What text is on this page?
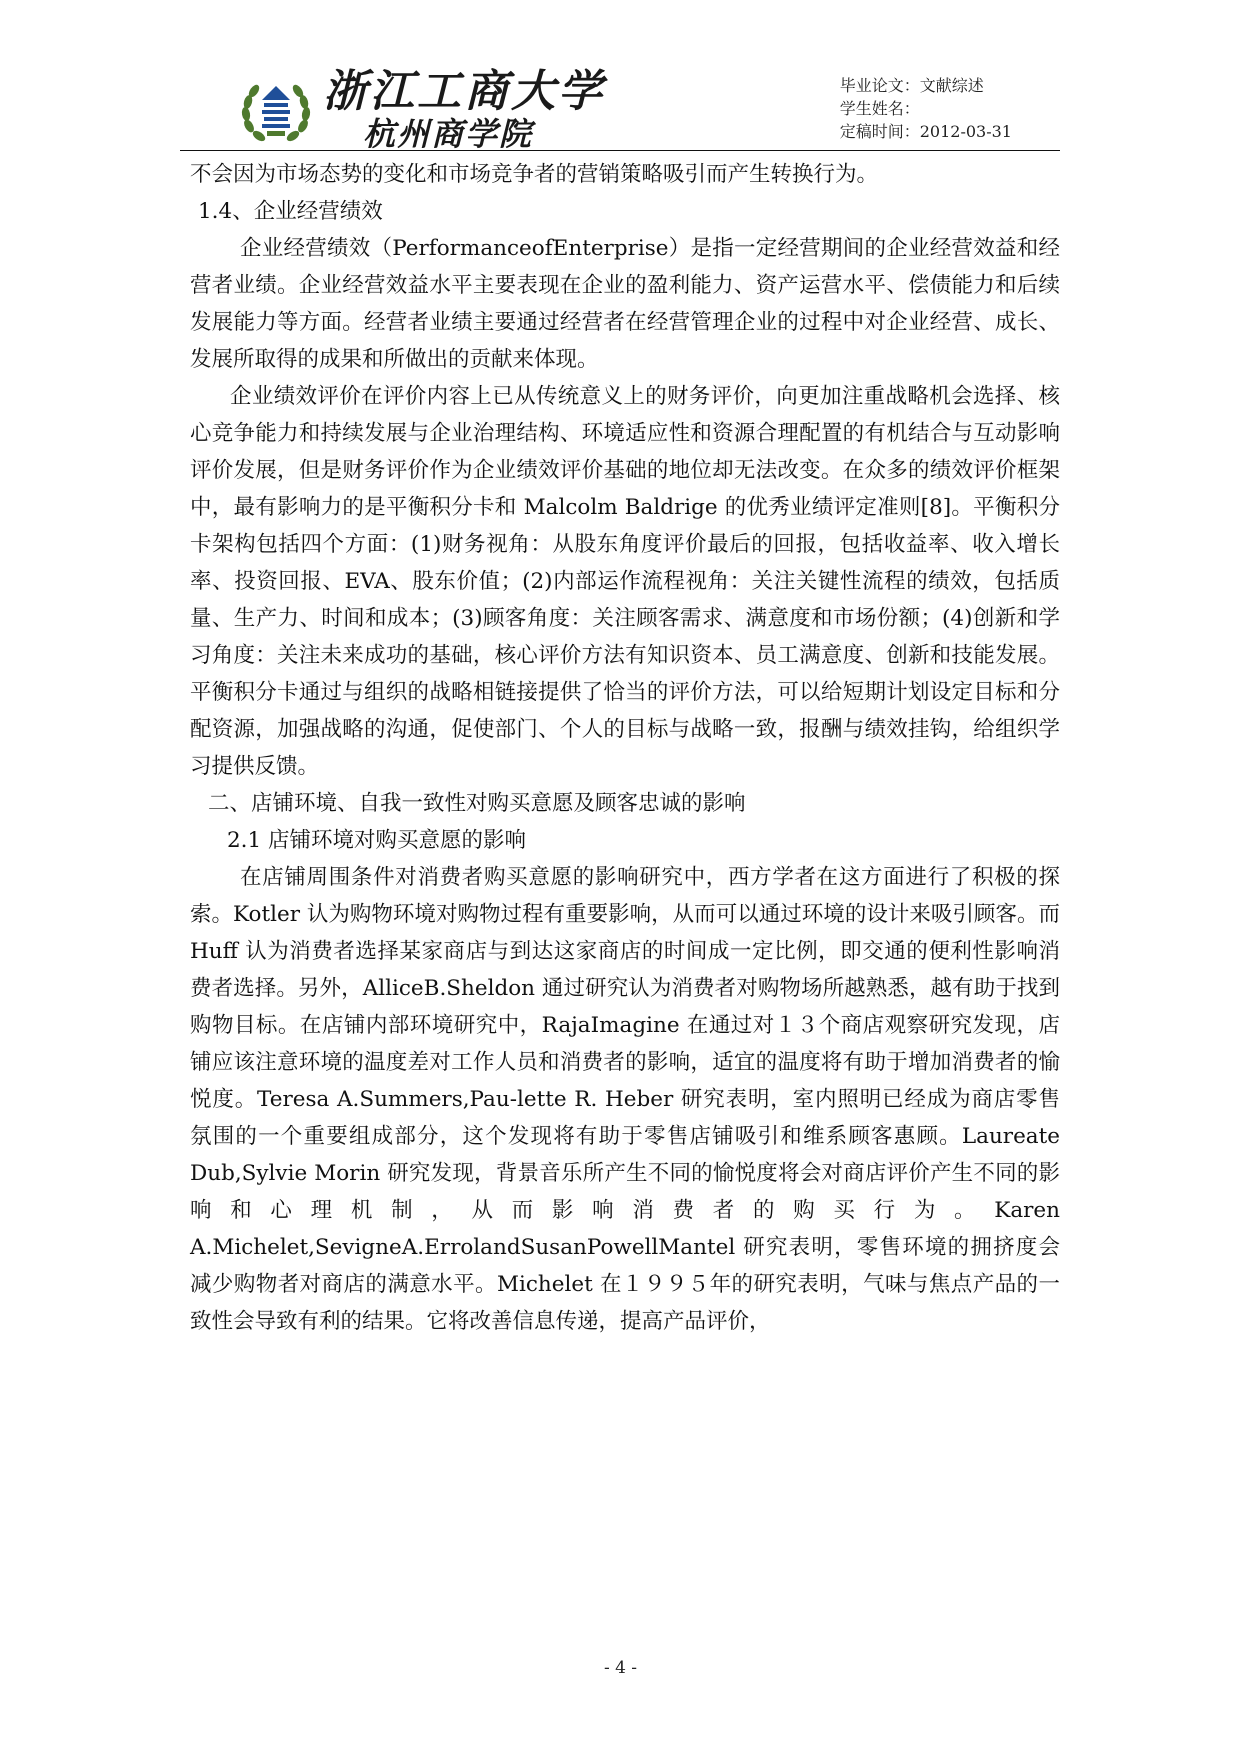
浙江工商大学
杭州商学院
毕业论文：文献综述
学生姓名：
定稿时间：2012-03-31

不会因为市场态势的变化和市场竞争者的营销策略吸引而产生转换行为。

1.4、企业经营绩效

企业经营绩效（PerformanceofEnterprise）是指一定经营期间的企业经营效益和经营者业绩。企业经营效益水平主要表现在企业的盈利能力、资产运营水平、偿债能力和后续发展能力等方面。经营者业绩主要通过经营者在经营管理企业的过程中对企业经营、成长、发展所取得的成果和所做出的贡献来体现。

企业绩效评价在评价内容上已从传统意义上的财务评价，向更加注重战略机会选择、核心竞争能力和持续发展与企业治理结构、环境适应性和资源合理配置的有机结合与互动影响评价发展，但是财务评价作为企业绩效评价基础的地位却无法改变。在众多的绩效评价框架中，最有影响力的是平衡积分卡和 Malcolm Baldrige 的优秀业绩评定准则[8]。平衡积分卡架构包括四个方面：(1)财务视角：从股东角度评价最后的回报，包括收益率、收入增长率、投资回报、EVA、股东价值；(2)内部运作流程视角：关注关键性流程的绩效，包括质量、生产力、时间和成本；(3)顾客角度：关注顾客需求、满意度和市场份额；(4)创新和学习角度：关注未来成功的基础，核心评价方法有知识资本、员工满意度、创新和技能发展。平衡积分卡通过与组织的战略相链接提供了恰当的评价方法，可以给短期计划设定目标和分配资源，加强战略的沟通，促使部门、个人的目标与战略一致，报酬与绩效挂钩，给组织学习提供反馈。

二、店铺环境、自我一致性对购买意愿及顾客忠诚的影响

2.1 店铺环境对购买意愿的影响

在店铺周围条件对消费者购买意愿的影响研究中，西方学者在这方面进行了积极的探索。Kotler 认为购物环境对购物过程有重要影响，从而可以通过环境的设计来吸引顾客。而 Huff 认为消费者选择某家商店与到达这家商店的时间成一定比例，即交通的便利性影响消费者选择。另外，AlliceB.Sheldon 通过研究认为消费者对购物场所越熟悉，越有助于找到购物目标。在店铺内部环境研究中，RajaImagine 在通过对１３个商店观察研究发现，店铺应该注意环境的温度差对工作人员和消费者的影响，适宜的温度将有助于增加消费者的愉悦度。Teresa A.Summers,Pau-lette R. Heber 研究表明，室内照明已经成为商店零售氛围的一个重要组成部分，这个发现将有助于零售店铺吸引和维系顾客惠顾。Laureate Dub,Sylvie Morin 研究发现，背景音乐所产生不同的愉悦度将会对商店评价产生不同的影响和心理机制，从而影响消费者的购买行为。Karen A.Michelet,SevigneA.ErrolandSusanPowellMantel 研究表明，零售环境的拥挤度会减少购物者对商店的满意水平。Michelet 在１９９５年的研究表明，气味与焦点产品的一致性会导致有利的结果。它将改善信息传递，提高产品评价，

- 4 -
